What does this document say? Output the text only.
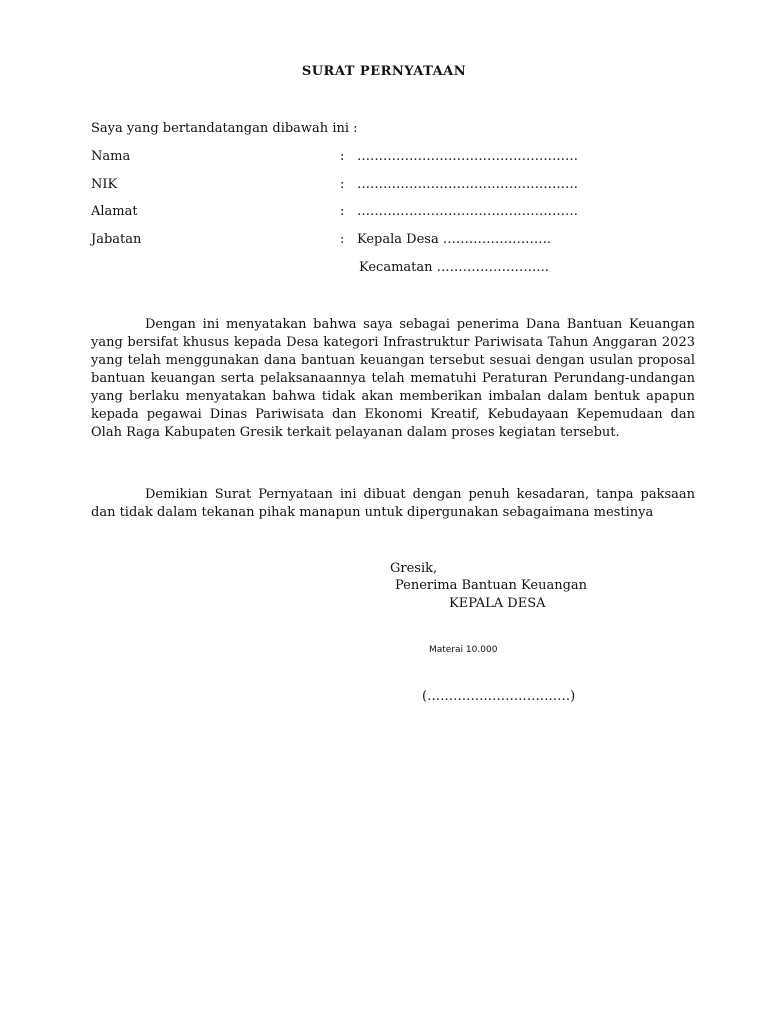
SURAT PERNYATAAN
Saya yang bertandatangan dibawah ini :
Nama	: ……………………………………………
NIK	: ……………………………………………
Alamat	: ……………………………………………
Jabatan	: Kepala Desa …………………….
Kecamatan ……………………..

Dengan ini menyatakan bahwa saya sebagai penerima Dana Bantuan Keuangan yang bersifat khusus kepada Desa kategori Infrastruktur Pariwisata Tahun Anggaran 2023 yang telah menggunakan dana bantuan keuangan tersebut sesuai dengan usulan proposal bantuan keuangan serta pelaksanaannya telah mematuhi Peraturan Perundang-undangan yang berlaku menyatakan bahwa tidak akan memberikan imbalan dalam bentuk apapun kepada pegawai Dinas Pariwisata dan Ekonomi Kreatif, Kebudayaan Kepemudaan dan Olah Raga Kabupaten Gresik terkait pelayanan dalam proses kegiatan tersebut.

Demikian Surat Pernyataan ini dibuat dengan penuh kesadaran, tanpa paksaan dan tidak dalam tekanan pihak manapun untuk dipergunakan sebagaimana mestinya

Gresik,
Penerima Bantuan Keuangan
KEPALA DESA
Materai 10.000
(……………………………)
